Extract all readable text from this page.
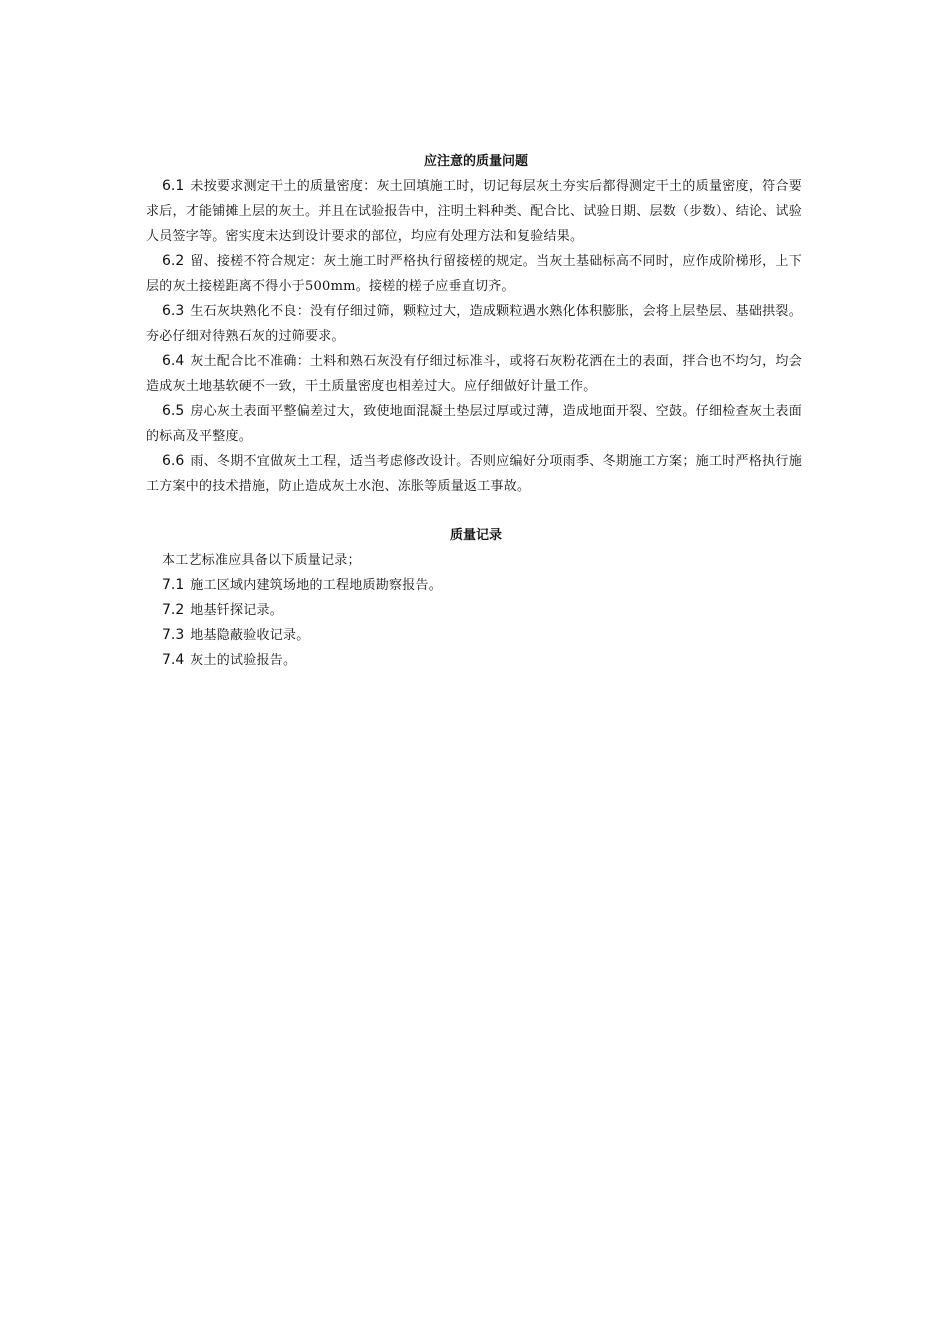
应注意的质量问题

6.1 未按要求测定干土的质量密度：灰土回填施工时，切记每层灰土夯实后都得测定干土的质量密度，符合要求后，才能铺摊上层的灰土。并且在试验报告中，注明土料种类、配合比、试验日期、层数（步数）、结论、试验人员签字等。密实度末达到设计要求的部位，均应有处理方法和复验结果。

6.2 留、接槎不符合规定：灰土施工时严格执行留接槎的规定。当灰土基础标高不同时，应作成阶梯形，上下层的灰土接槎距离不得小于500mm。接槎的槎子应垂直切齐。

6.3 生石灰块熟化不良：没有仔细过筛，颗粒过大，造成颗粒遇水熟化体积膨胀，会将上层垫层、基础拱裂。夯必仔细对待熟石灰的过筛要求。

6.4 灰土配合比不准确：土料和熟石灰没有仔细过标准斗，或将石灰粉花洒在土的表面，拌合也不均匀，均会造成灰土地基软硬不一致，干土质量密度也相差过大。应仔细做好计量工作。

6.5 房心灰土表面平整偏差过大，致使地面混凝土垫层过厚或过薄，造成地面开裂、空鼓。仔细检查灰土表面的标高及平整度。

6.6 雨、冬期不宜做灰土工程，适当考虑修改设计。否则应编好分项雨季、冬期施工方案；施工时严格执行施工方案中的技术措施，防止造成灰土水泡、冻胀等质量返工事故。

质量记录

本工艺标准应具备以下质量记录；

7.1 施工区域内建筑场地的工程地质勘察报告。

7.2 地基钎探记录。

7.3 地基隐蔽验收记录。

7.4 灰土的试验报告。
